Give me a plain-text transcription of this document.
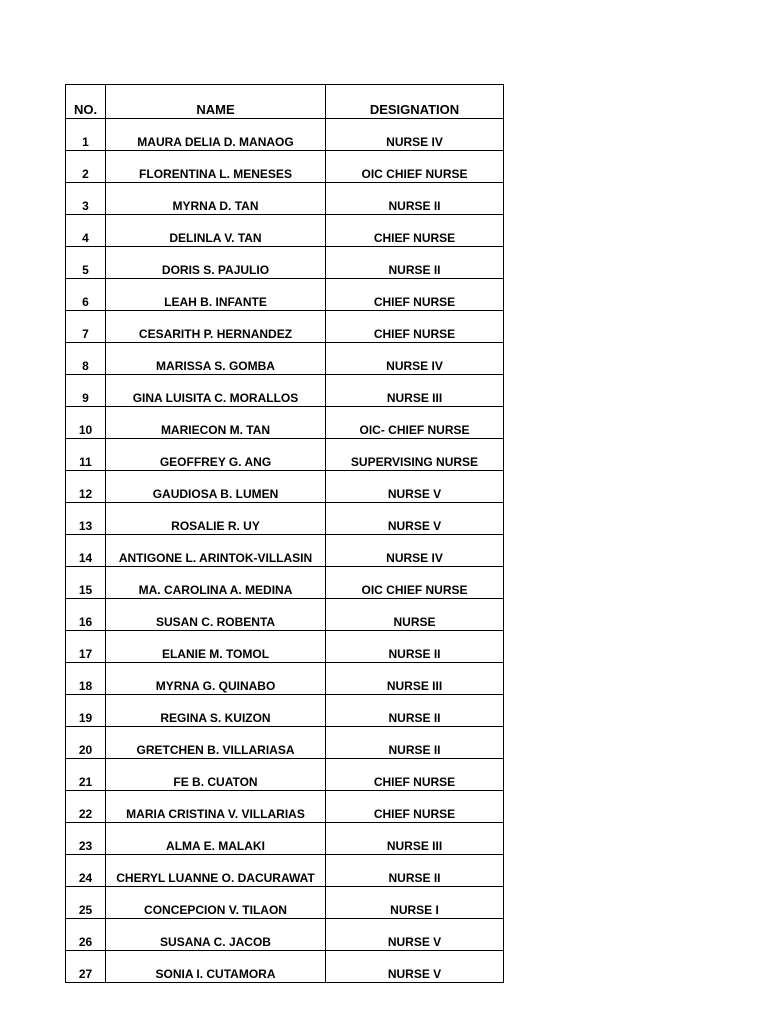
NO.	NAME	DESIGNATION
1	MAURA DELIA D. MANAOG	NURSE IV
2	FLORENTINA L. MENESES	OIC CHIEF NURSE
3	MYRNA D. TAN	NURSE II
4	DELINLA V. TAN	CHIEF NURSE
5	DORIS S. PAJULIO	NURSE II
6	LEAH B. INFANTE	CHIEF NURSE
7	CESARITH P. HERNANDEZ	CHIEF NURSE
8	MARISSA S. GOMBA	NURSE IV
9	GINA LUISITA C. MORALLOS	NURSE III
10	MARIECON M. TAN	OIC- CHIEF NURSE
11	GEOFFREY G. ANG	SUPERVISING NURSE
12	GAUDIOSA B. LUMEN	NURSE V
13	ROSALIE R. UY	NURSE V
14	ANTIGONE L. ARINTOK-VILLASIN	NURSE IV
15	MA. CAROLINA A. MEDINA	OIC CHIEF NURSE
16	SUSAN C. ROBENTA	NURSE
17	ELANIE M. TOMOL	NURSE II
18	MYRNA G. QUINABO	NURSE III
19	REGINA S. KUIZON	NURSE II
20	GRETCHEN B. VILLARIASA	NURSE II
21	FE B. CUATON	CHIEF NURSE
22	MARIA CRISTINA V. VILLARIAS	CHIEF NURSE
23	ALMA E. MALAKI	NURSE III
24	CHERYL LUANNE O. DACURAWAT	NURSE II
25	CONCEPCION V. TILAON	NURSE I
26	SUSANA C. JACOB	NURSE V
27	SONIA I. CUTAMORA	NURSE V
